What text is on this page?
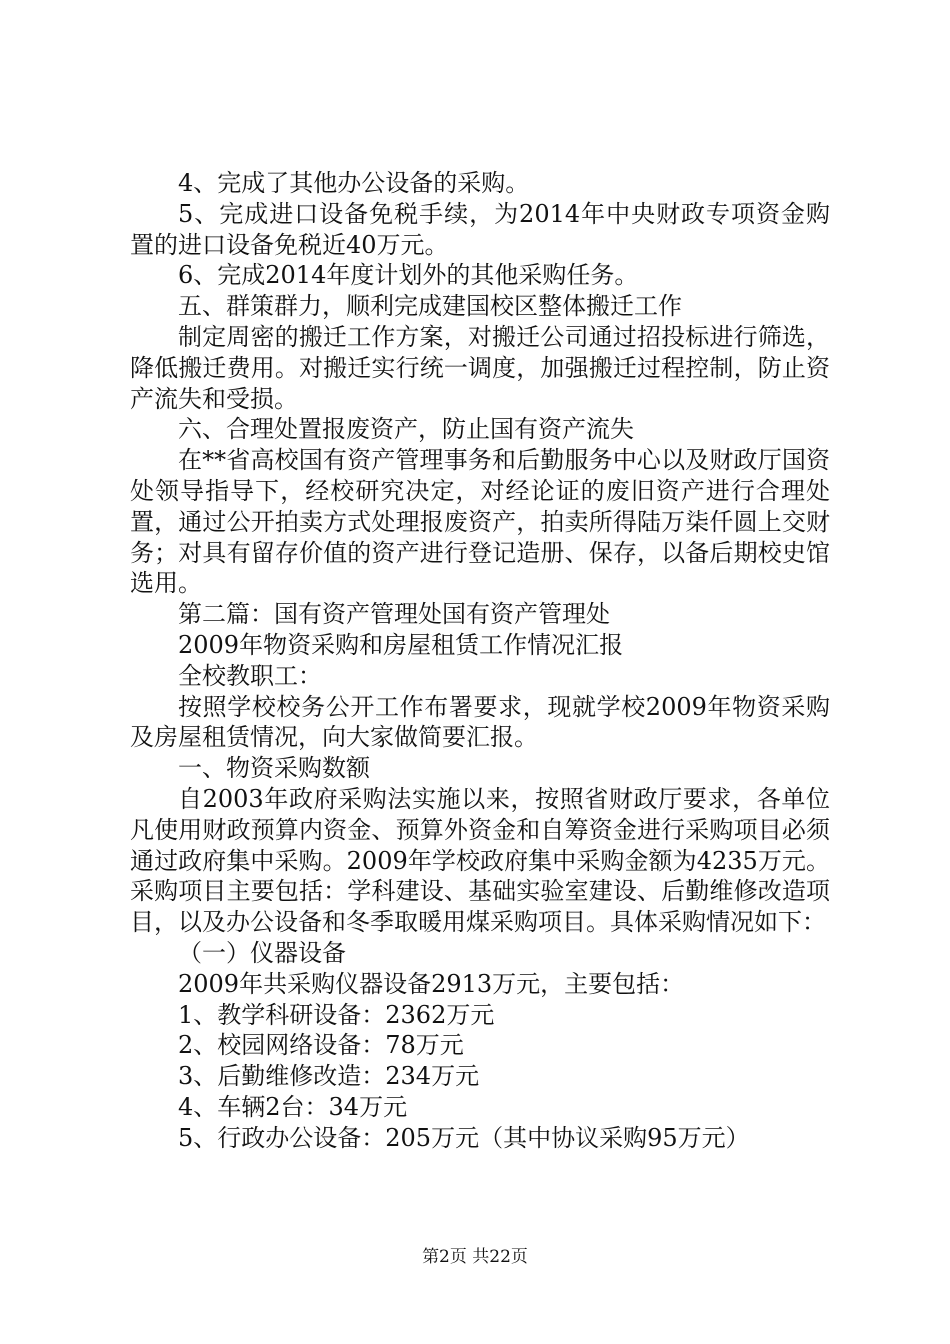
4、完成了其他办公设备的采购。

5、完成进口设备免税手续，为2014年中央财政专项资金购置的进口设备免税近40万元。

6、完成2014年度计划外的其他采购任务。

五、群策群力，顺利完成建国校区整体搬迁工作

制定周密的搬迁工作方案，对搬迁公司通过招投标进行筛选，降低搬迁费用。对搬迁实行统一调度，加强搬迁过程控制，防止资产流失和受损。

六、合理处置报废资产，防止国有资产流失

在**省高校国有资产管理事务和后勤服务中心以及财政厅国资处领导指导下，经校研究决定，对经论证的废旧资产进行合理处置，通过公开拍卖方式处理报废资产，拍卖所得陆万柒仟圆上交财务；对具有留存价值的资产进行登记造册、保存，以备后期校史馆选用。

第二篇：国有资产管理处国有资产管理处

2009年物资采购和房屋租赁工作情况汇报

全校教职工：

按照学校校务公开工作布署要求，现就学校2009年物资采购及房屋租赁情况，向大家做简要汇报。

一、物资采购数额

自2003年政府采购法实施以来，按照省财政厅要求，各单位凡使用财政预算内资金、预算外资金和自筹资金进行采购项目必须通过政府集中采购。2009年学校政府集中采购金额为4235万元。采购项目主要包括：学科建设、基础实验室建设、后勤维修改造项目，以及办公设备和冬季取暖用煤采购项目。具体采购情况如下：

（一）仪器设备

2009年共采购仪器设备2913万元，主要包括：

1、教学科研设备：2362万元

2、校园网络设备：78万元

3、后勤维修改造：234万元

4、车辆2台：34万元

5、行政办公设备：205万元（其中协议采购95万元）

第2页 共22页
